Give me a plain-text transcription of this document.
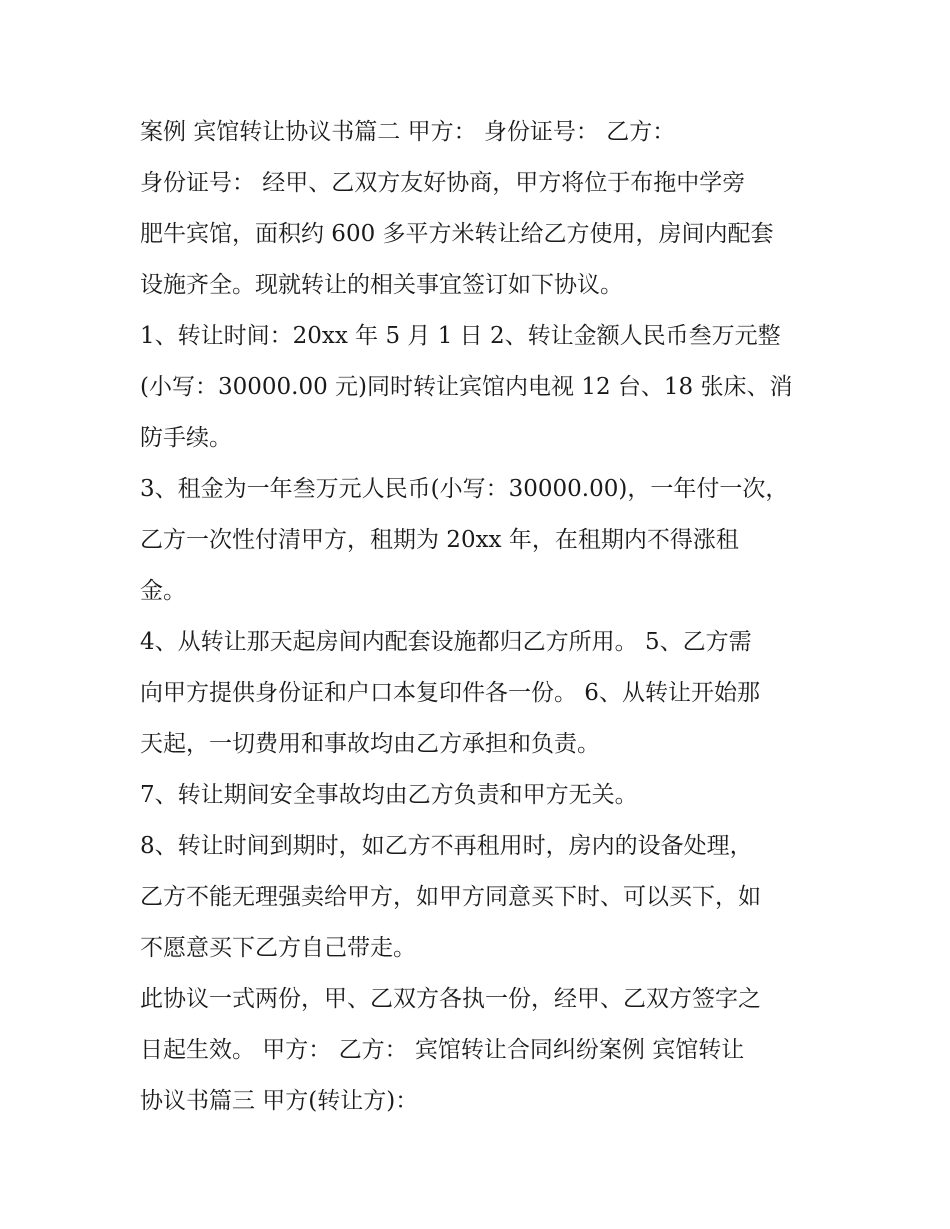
案例 宾馆转让协议书篇二 甲方： 身份证号： 乙方：
身份证号： 经甲、乙双方友好协商，甲方将位于布拖中学旁
肥牛宾馆，面积约 600 多平方米转让给乙方使用，房间内配套
设施齐全。现就转让的相关事宜签订如下协议。
1、转让时间：20xx 年 5 月 1 日 2、转让金额人民币叁万元整
(小写：30000.00 元)同时转让宾馆内电视 12 台、18 张床、消
防手续。
3、租金为一年叁万元人民币(小写：30000.00)，一年付一次，
乙方一次性付清甲方，租期为 20xx 年，在租期内不得涨租
金。
4、从转让那天起房间内配套设施都归乙方所用。 5、乙方需
向甲方提供身份证和户口本复印件各一份。 6、从转让开始那
天起，一切费用和事故均由乙方承担和负责。
7、转让期间安全事故均由乙方负责和甲方无关。
8、转让时间到期时，如乙方不再租用时，房内的设备处理，
乙方不能无理强卖给甲方，如甲方同意买下时、可以买下，如
不愿意买下乙方自己带走。
此协议一式两份，甲、乙双方各执一份，经甲、乙双方签字之
日起生效。 甲方： 乙方： 宾馆转让合同纠纷案例 宾馆转让
协议书篇三 甲方(转让方)：
